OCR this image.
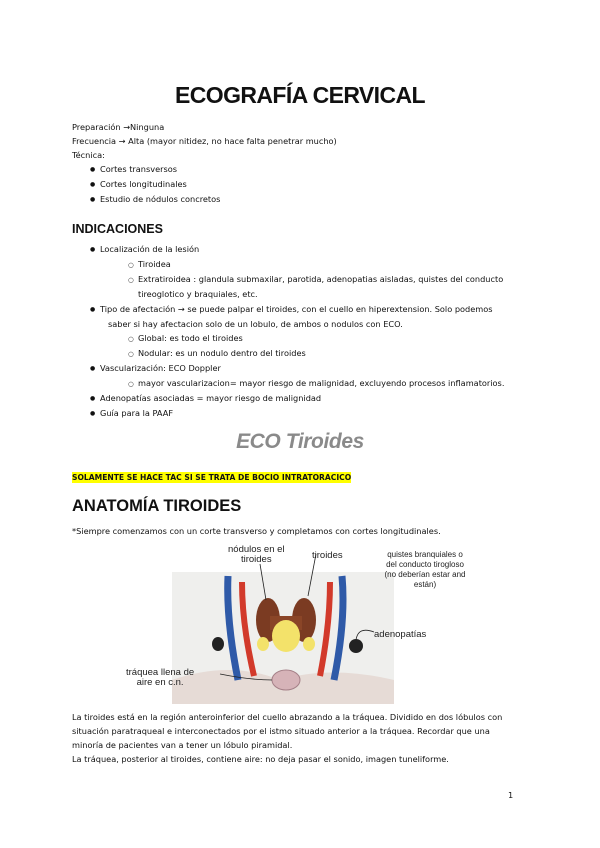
ECOGRAFÍA CERVICAL
Preparación →Ninguna
Frecuencia → Alta (mayor nitidez, no hace falta penetrar mucho)
Técnica:
● Cortes transversos
● Cortes longitudinales
● Estudio de nódulos concretos
INDICACIONES
● Localización de la lesión
○ Tiroidea
○ Extratiroidea : glandula submaxilar, parotida, adenopatias aisladas, quistes del conducto
tireoglotico y braquiales, etc.
● Tipo de afectación → se puede palpar el tiroides, con el cuello en hiperextension. Solo podemos
saber si hay afectacion solo de un lobulo, de ambos o nodulos con ECO.
○ Global: es todo el tiroides
○ Nodular: es un nodulo dentro del tiroides
● Vascularización: ECO Doppler
○ mayor vascularizacion= mayor riesgo de malignidad, excluyendo procesos inflamatorios.
● Adenopatías asociadas = mayor riesgo de malignidad
● Guía para la PAAF
ECO Tiroides
SOLAMENTE SE HACE TAC SI SE TRATA DE BOCIO INTRATORACICO
ANATOMÍA TIROIDES
*Siempre comenzamos con un corte transverso y completamos con cortes longitudinales.
nódulos en el
tiroides	tiroides	quistes branquiales o
del conducto tirogloso
(no deberían estar and
están)
adenopatías
tráquea llena de
aire en c.n.
La tiroides está en la región anteroinferior del cuello abrazando a la tráquea. Dividido en dos lóbulos con
situación paratraqueal e interconectados por el istmo situado anterior a la tráquea. Recordar que una
minoría de pacientes van a tener un lóbulo piramidal.
La tráquea, posterior al tiroides, contiene aire: no deja pasar el sonido, imagen tuneliforme.
1
